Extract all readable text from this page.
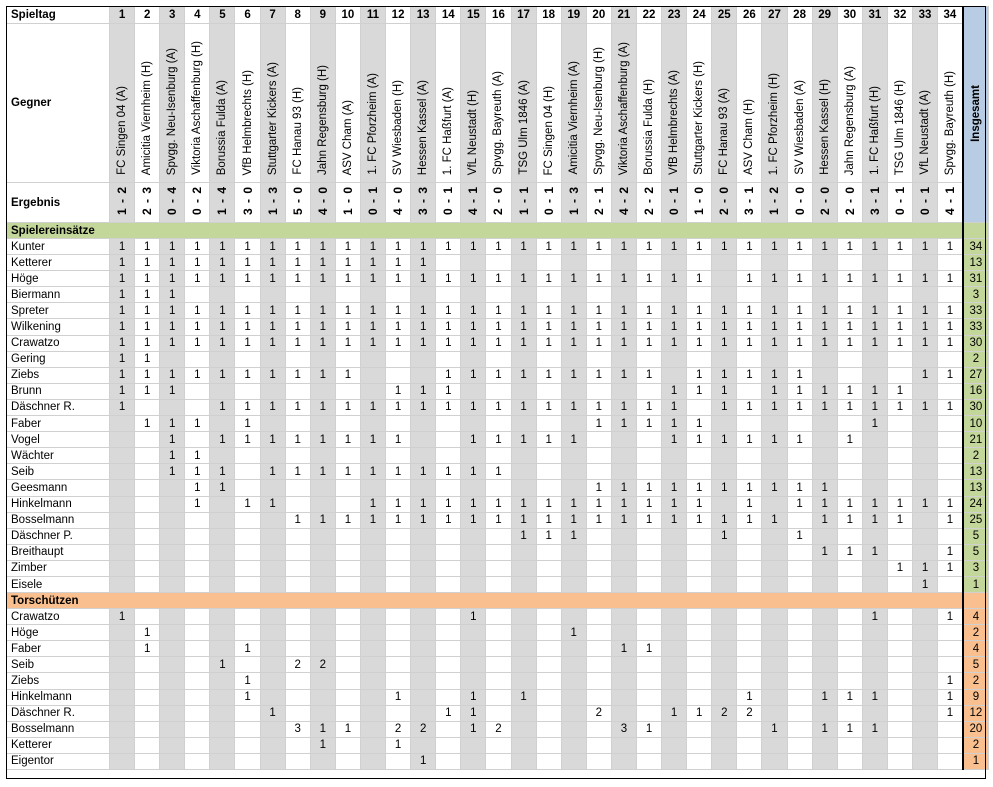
Spieltag	1	2	3	4	5	6	7	8	9	10	11	12	13	14	15	16	17	18	19	20	21	22	23	24	25	26	27	28	29	30	31	32	33	34	Insgesamt
Gegner	FC Singen 04 (A)	Amicitia Viernheim (H)	Spvgg. Neu-Isenburg (A)	Viktoria Aschaffenburg (H)	Borussia Fulda (A)	VfB Helmbrechts (H)	Stuttgarter Kickers (A)	FC Hanau 93 (H)	Jahn Regensburg (H)	ASV Cham (A)	1. FC Pforzheim (A)	SV Wiesbaden (H)	Hessen Kassel (A)	1. FC Haßfurt (A)	VfL Neustadt (H)	Spvgg. Bayreuth (A)	TSG Ulm 1846 (A)	FC Singen 04 (H)	Amicitia Viernheim (A)	Spvgg. Neu-Isenburg (H)	Viktoria Aschaffenburg (A)	Borussia Fulda (H)	VfB Helmbrechts (A)	Stuttgarter Kickers (H)	FC Hanau 93 (A)	ASV Cham (H)	1. FC Pforzheim (H)	SV Wiesbaden (A)	Hessen Kassel (H)	Jahn Regensburg (A)	1. FC Haßfurt (H)	TSG Ulm 1846 (H)	VfL Neustadt (A)	Spvgg. Bayreuth (H)	
Ergebnis	1 - 2	2 - 3	0 - 4	0 - 2	1 - 4	3 - 0	1 - 3	5 - 0	4 - 0	1 - 0	0 - 1	4 - 0	3 - 3	0 - 1	4 - 1	2 - 0	1 - 1	0 - 1	1 - 3	2 - 1	4 - 2	2 - 2	0 - 1	1 - 0	2 - 0	3 - 1	1 - 2	0 - 0	2 - 0	2 - 0	3 - 1	0 - 1	0 - 1	4 - 1	
Spielereinsätze																																			
Kunter	1	1	1	1	1	1	1	1	1	1	1	1	1	1	1	1	1	1	1	1	1	1	1	1	1	1	1	1	1	1	1	1	1	1	34
Ketterer	1	1	1	1	1	1	1	1	1	1	1	1	1																						13
Höge	1	1	1	1	1	1	1	1	1	1	1	1	1	1	1	1	1	1	1	1	1	1	1	1		1	1	1	1	1	1	1	1	1	31
Biermann	1	1	1																																3
Spreter	1	1	1	1	1	1	1	1	1	1	1	1	1	1	1	1	1	1	1	1	1	1	1	1	1	1	1	1	1	1	1	1	1	1	33
Wilkening	1	1	1	1	1	1	1	1	1	1	1	1	1	1	1	1	1	1	1	1	1	1	1	1	1	1	1	1	1	1	1	1	1	1	33
Crawatzo	1	1	1	1	1	1	1	1	1	1	1	1	1	1	1	1	1	1	1	1	1	1	1	1	1	1	1	1	1	1	1	1	1	1	30
Gering	1	1																																	2
Ziebs	1	1	1	1	1	1	1	1	1	1				1	1	1	1	1	1	1	1	1		1	1	1	1	1					1	1	27
Brunn	1	1	1									1	1	1									1	1	1		1	1	1	1	1	1			16
Däschner R.	1				1	1	1	1	1	1	1	1	1	1	1	1	1	1	1	1	1	1	1		1	1	1	1	1	1	1	1	1	1	30
Faber		1	1	1		1														1	1	1	1	1							1				10
Vogel			1		1	1	1	1	1	1	1	1			1	1	1	1	1				1	1	1	1	1	1		1					21
Wächter			1	1																															2
Seib			1	1	1		1	1	1	1	1	1	1	1	1	1																			13
Geesmann				1	1															1	1	1	1	1	1	1	1	1	1						13
Hinkelmann				1		1	1				1	1	1	1	1	1	1	1	1	1	1	1	1	1		1		1	1	1	1	1	1	1	24
Bosselmann								1	1	1	1	1	1	1	1	1	1	1	1	1	1	1	1	1	1	1	1		1	1	1	1		1	25
Däschner P.																	1	1	1						1			1							5
Breithaupt																													1	1	1			1	5
Zimber																																1	1	1	3
Eisele																																	1		1
Torschützen																																			
Crawatzo	1														1																1			1	4
Höge		1																	1																2
Faber		1				1															1	1													4
Seib					1			2	2																										5
Ziebs						1																												1	2
Hinkelmann						1						1			1		1									1			1	1	1			1	9
Däschner R.							1							1	1					2			1	1	2	2								1	12
Bosselmann								3	1	1		2	2		1	2					3	1					1		1	1	1				20
Ketterer									1			1																							2
Eigentor													1																						1
